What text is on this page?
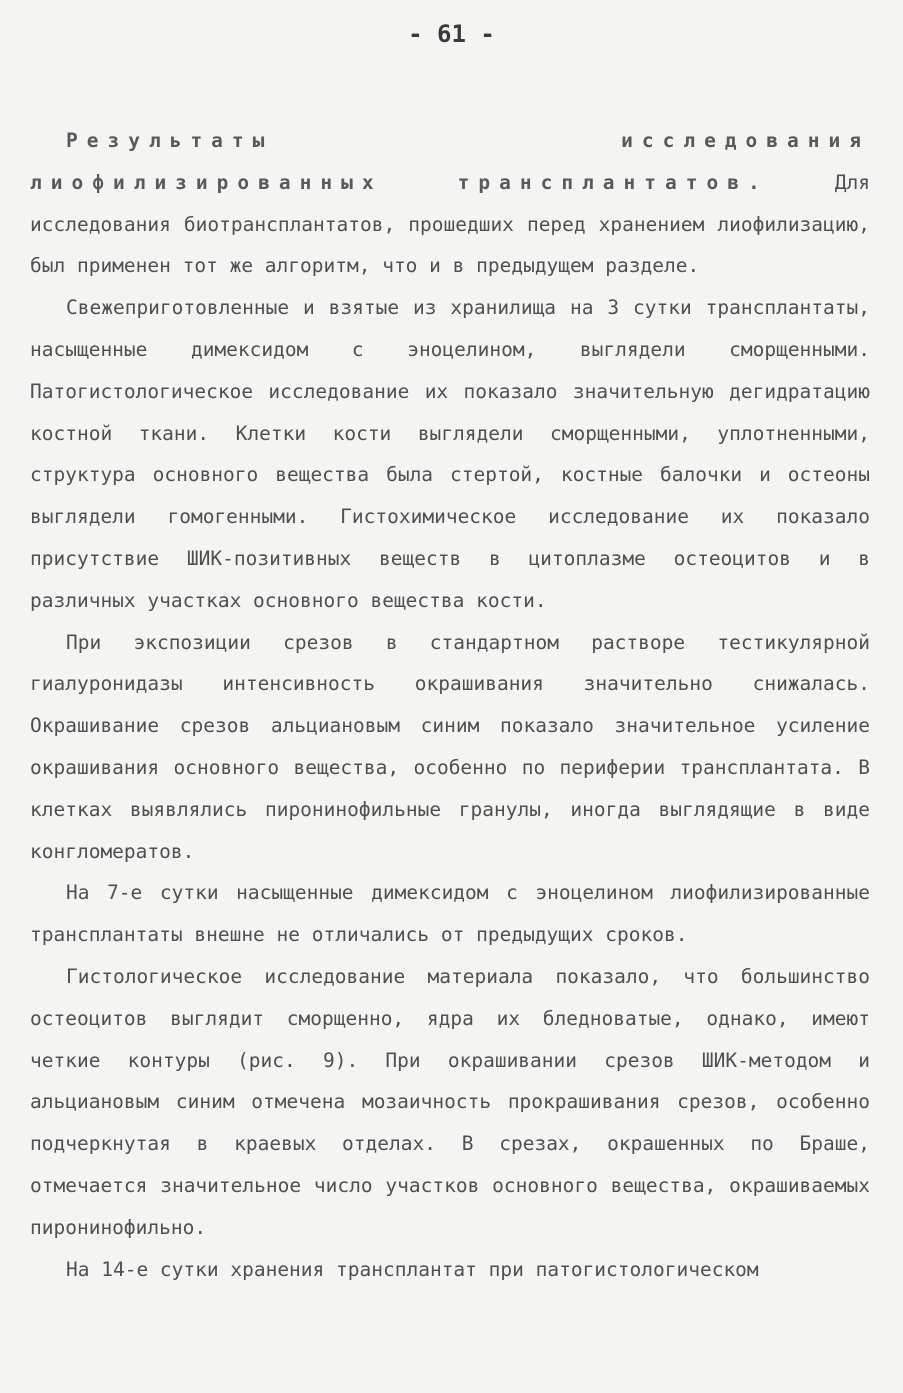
- 61 -

Результаты исследования лиофилизированных трансплантатов.	Для исследования биотрансплантатов, прошедших перед хранением лиофилизацию, был применен тот же алгоритм, что и в предыдущем разделе.

Свежеприготовленные и взятые из хранилища на 3 сутки трансплантаты, насыщенные димексидом с эноцелином, выглядели сморщенными. Патогистологическое исследование их показало значительную дегидратацию костной ткани. Клетки кости выглядели сморщенными, уплотненными, структура основного вещества была стертой, костные балочки и остеоны выглядели гомогенными. Гистохимическое исследование их показало присутствие ШИК-позитивных веществ в цитоплазме остеоцитов и в различных участках основного вещества кости.

При экспозиции срезов в стандартном растворе тестикулярной гиалуронидазы интенсивность окрашивания значительно снижалась. Окрашивание срезов альциановым синим показало значительное усиление окрашивания основного вещества, особенно по периферии трансплантата. В клетках выявлялись пиронинофильные гранулы, иногда выглядящие в виде конгломератов.

На 7-е сутки насыщенные димексидом с эноцелином лиофилизированные трансплантаты внешне не отличались от предыдущих сроков.

Гистологическое исследование материала показало, что большинство остеоцитов выглядит сморщенно, ядра их бледноватые, однако, имеют четкие контуры (рис. 9). При окрашивании срезов ШИК-методом и альциановым синим отмечена мозаичность прокрашивания срезов, особенно подчеркнутая в краевых отделах. В срезах, окрашенных по Браше, отмечается значительное число участков основного вещества, окрашиваемых пиронинофильно.

На 14-е сутки хранения трансплантат при патогистологическом
